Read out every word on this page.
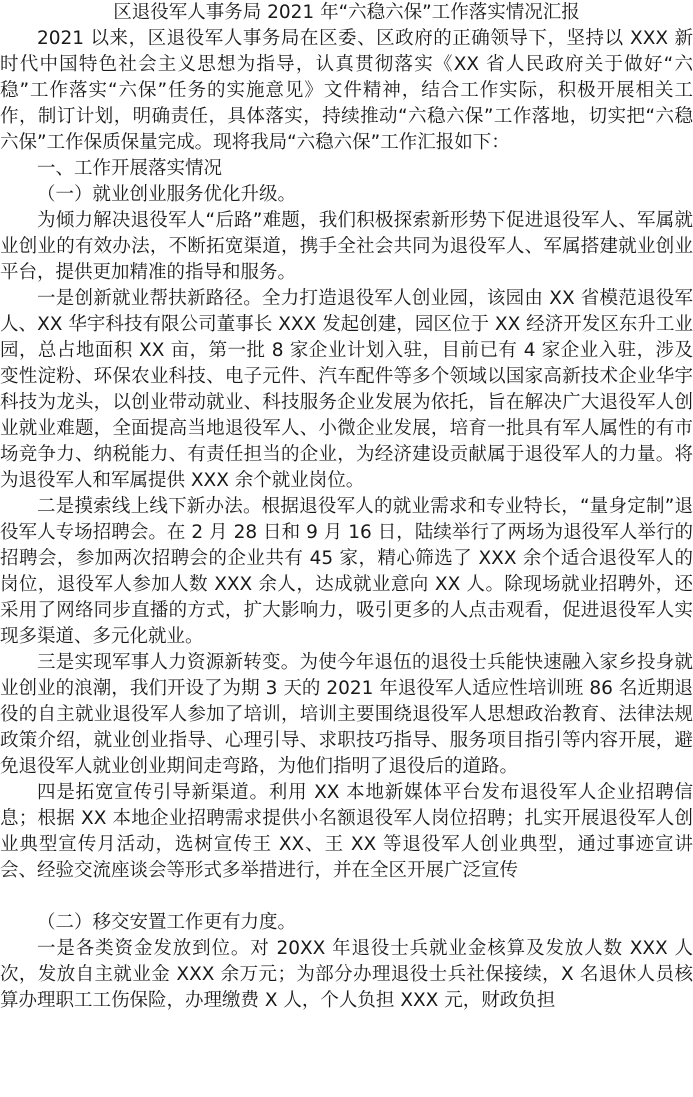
区退役军人事务局 2021 年“六稳六保”工作落实情况汇报
2021 以来，区退役军人事务局在区委、区政府的正确领导下，坚持以 XXX 新时代中国特色社会主义思想为指导，认真贯彻落实《XX 省人民政府关于做好“六稳”工作落实“六保”任务的实施意见》文件精神，结合工作实际，积极开展相关工作，制订计划，明确责任，具体落实，持续推动“六稳六保”工作落地，切实把“六稳六保”工作保质保量完成。现将我局“六稳六保”工作汇报如下：
一、工作开展落实情况
（一）就业创业服务优化升级。
为倾力解决退役军人“后路”难题，我们积极探索新形势下促进退役军人、军属就业创业的有效办法，不断拓宽渠道，携手全社会共同为退役军人、军属搭建就业创业平台，提供更加精准的指导和服务。
一是创新就业帮扶新路径。全力打造退役军人创业园，该园由 XX 省模范退役军人、XX 华宇科技有限公司董事长 XXX 发起创建，园区位于 XX 经济开发区东升工业园，总占地面积 XX 亩，第一批 8 家企业计划入驻，目前已有 4 家企业入驻，涉及变性淀粉、环保农业科技、电子元件、汽车配件等多个领域以国家高新技术企业华宇科技为龙头，以创业带动就业、科技服务企业发展为依托，旨在解决广大退役军人创业就业难题，全面提高当地退役军人、小微企业发展，培育一批具有军人属性的有市场竞争力、纳税能力、有责任担当的企业，为经济建设贡献属于退役军人的力量。将为退役军人和军属提供 XXX 余个就业岗位。
二是摸索线上线下新办法。根据退役军人的就业需求和专业特长，“量身定制”退役军人专场招聘会。在 2 月 28 日和 9 月 16 日，陆续举行了两场为退役军人举行的招聘会，参加两次招聘会的企业共有 45 家，精心筛选了 XXX 余个适合退役军人的岗位，退役军人参加人数 XXX 余人，达成就业意向 XX 人。除现场就业招聘外，还采用了网络同步直播的方式，扩大影响力，吸引更多的人点击观看，促进退役军人实现多渠道、多元化就业。
三是实现军事人力资源新转变。为使今年退伍的退役士兵能快速融入家乡投身就业创业的浪潮，我们开设了为期 3 天的 2021 年退役军人适应性培训班 86 名近期退役的自主就业退役军人参加了培训，培训主要围绕退役军人思想政治教育、法律法规政策介绍，就业创业指导、心理引导、求职技巧指导、服务项目指引等内容开展，避免退役军人就业创业期间走弯路，为他们指明了退役后的道路。
四是拓宽宣传引导新渠道。利用 XX 本地新媒体平台发布退役军人企业招聘信息；根据 XX 本地企业招聘需求提供小名额退役军人岗位招聘；扎实开展退役军人创业典型宣传月活动，选树宣传王 XX、王 XX 等退役军人创业典型，通过事迹宣讲会、经验交流座谈会等形式多举措进行，并在全区开展广泛宣传
（二）移交安置工作更有力度。
一是各类资金发放到位。对 20XX 年退役士兵就业金核算及发放人数 XXX 人次，发放自主就业金 XXX 余万元；为部分办理退役士兵社保接续，X 名退休人员核算办理职工工伤保险，办理缴费 X 人，个人负担 XXX 元，财政负担
